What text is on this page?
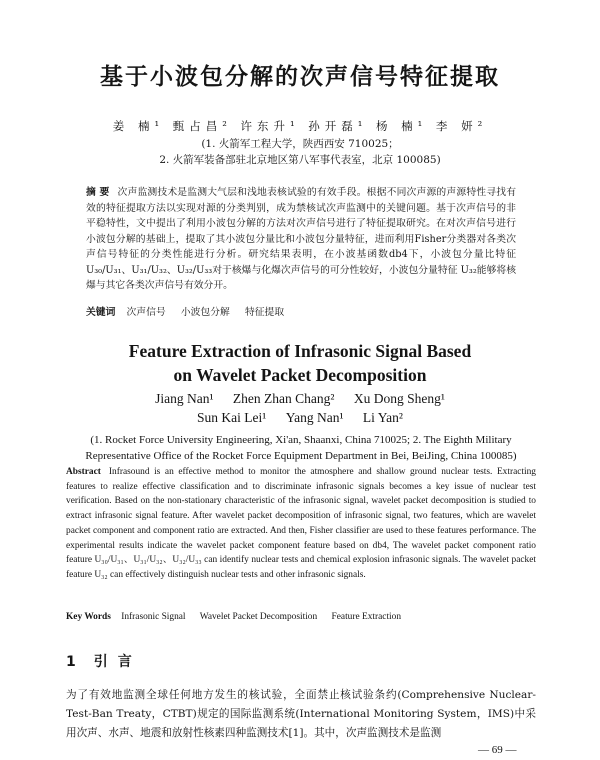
基于小波包分解的次声信号特征提取
姜 楠¹ 甄占昌² 许东升¹ 孙开磊¹ 杨 楠¹ 李 妍²
(1. 火箭军工程大学，陕西西安 710025；
2. 火箭军装备部驻北京地区第八军事代表室，北京 100085)
摘 要 次声监测技术是监测大气层和浅地表核试验的有效手段。根据不同次声源的声源特性寻找有效的特征提取方法以实现对源的分类判别，成为禁核试次声监测中的关键问题。基于次声信号的非平稳特性，文中提出了利用小波包分解的方法对次声信号进行了特征提取研究。在对次声信号进行小波包分解的基础上，提取了其小波包分量比和小波包分量特征，进而利用Fisher分类器对各类次声信号特征的分类性能进行分析。研究结果表明，在小波基函数db4下，小波包分量比特征 U₃₀/U₃₁、U₃₁/U₃₂、U₃₂/U₃₃对于核爆与化爆次声信号的可分性较好，小波包分量特征 U₃₂能够将核爆与其它各类次声信号有效分开。
关键词 次声信号 小波包分解 特征提取
Feature Extraction of Infrasonic Signal Based
on Wavelet Packet Decomposition
Jiang Nan¹ Zhen Zhan Chang² Xu Dong Sheng¹
Sun Kai Lei¹ Yang Nan¹ Li Yan²
(1. Rocket Force University Engineering, Xi'an, Shaanxi, China 710025; 2. The Eighth Military Representative Office of the Rocket Force Equipment Department in Bei, BeiJing, China 100085)
Abstract Infrasound is an effective method to monitor the atmosphere and shallow ground nuclear tests. Extracting features to realize effective classification and to discriminate infrasonic signals becomes a key issue of nuclear test verification. Based on the non-stationary characteristic of the infrasonic signal, wavelet packet decomposition is studied to extract infrasonic signal feature. After wavelet packet decomposition of infrasonic signal, two features, which are wavelet packet component and component ratio are extracted. And then, Fisher classifier are used to these features performance. The experimental results indicate the wavelet packet component feature based on db4, The wavelet packet component ratio feature U₃₀/U₃₁、U₃₁/U₃₂、U₃₂/U₃₃ can identify nuclear tests and chemical explosion infrasonic signals. The wavelet packet feature U₃₂ can effectively distinguish nuclear tests and other infrasonic signals.
Key Words Infrasonic Signal Wavelet Packet Decomposition Feature Extraction
1 引言
为了有效地监测全球任何地方发生的核试验，全面禁止核试验条约(Comprehensive Nuclear-Test-Ban Treaty，CTBT)规定的国际监测系统(International Monitoring System，IMS)中采用次声、水声、地震和放射性核素四种监测技术[1]。其中，次声监测技术是监测
— 69 —
